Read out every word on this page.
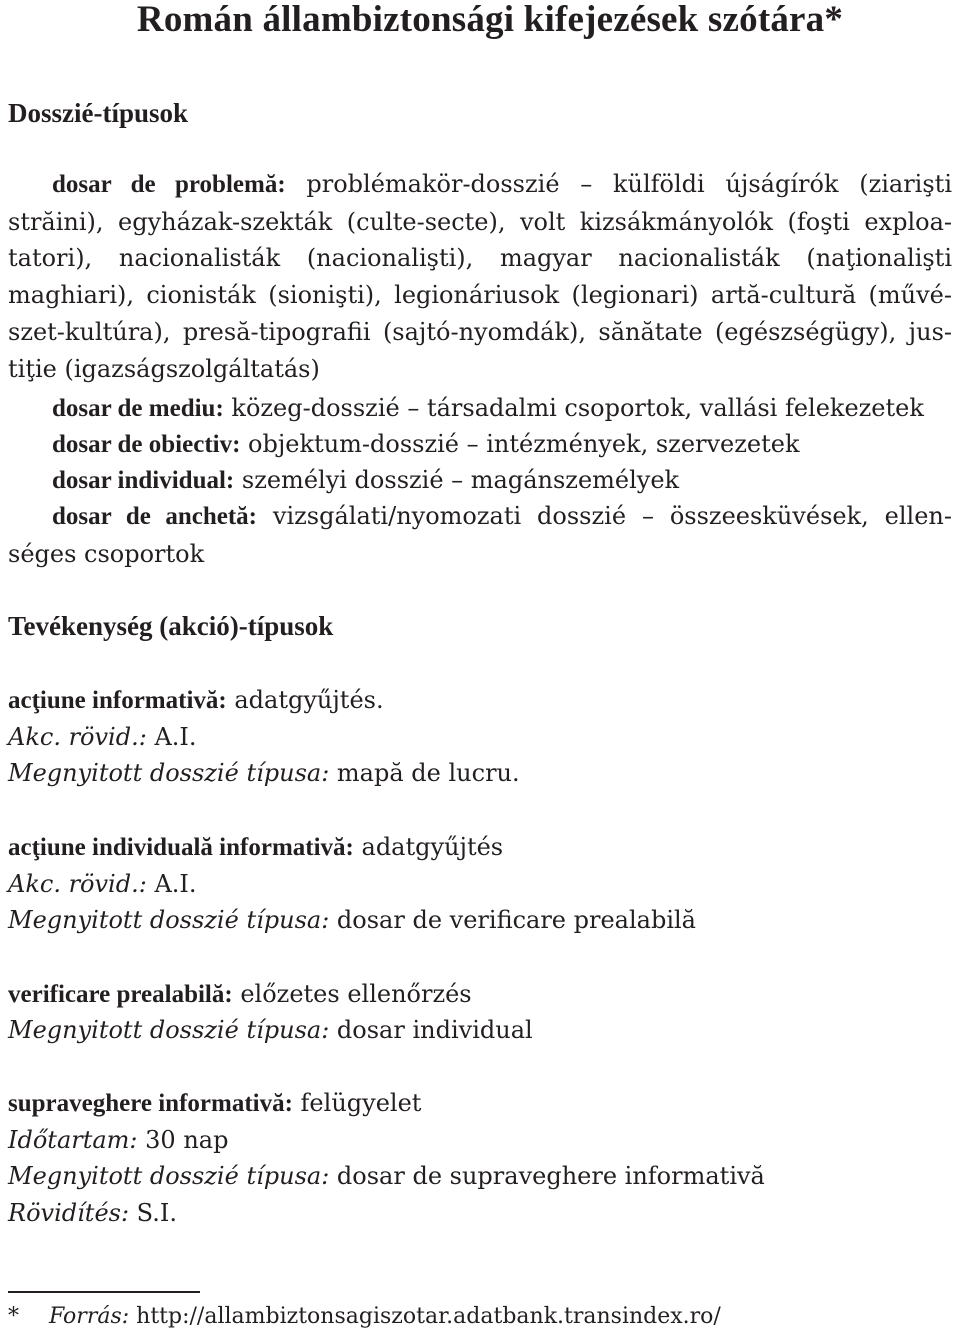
Román állambiztonsági kifejezések szótára*
Dosszié-típusok

dosar de problemă: problémakör-dosszié – külföldi újságírók (ziarişti străini), egyházak-szekták (culte-secte), volt kizsákmányolók (foşti exploatatori), nacionalisták (nacionalişti), magyar nacionalisták (naţionalişti maghiari), cionisták (sionişti), legionáriusok (legionari) artă-cultură (művészet-kultúra), presă-tipografii (sajtó-nyomdák), sănătate (egészségügy), justiţie (igazságszolgáltatás)

dosar de mediu: közeg-dosszié – társadalmi csoportok, vallási felekezetek

dosar de obiectiv: objektum-dosszié – intézmények, szervezetek

dosar individual: személyi dosszié – magánszemélyek

dosar de anchetă: vizsgálati/nyomozati dosszié – összeesküvések, ellenséges csoportok

Tevékenység (akció)-típusok

acţiune informativă: adatgyűjtés.

Akc. rövid.: A.I.

Megnyitott dosszié típusa: mapă de lucru.

acţiune individuală informativă: adatgyűjtés

Akc. rövid.: A.I.

Megnyitott dosszié típusa: dosar de verificare prealabilă

verificare prealabilă: előzetes ellenőrzés

Megnyitott dosszié típusa: dosar individual

supraveghere informativă: felügyelet

Időtartam: 30 nap

Megnyitott dosszié típusa: dosar de supraveghere informativă

Rövidítés: S.I.

* Forrás: http://allambiztonsagiszotar.adatbank.transindex.ro/
